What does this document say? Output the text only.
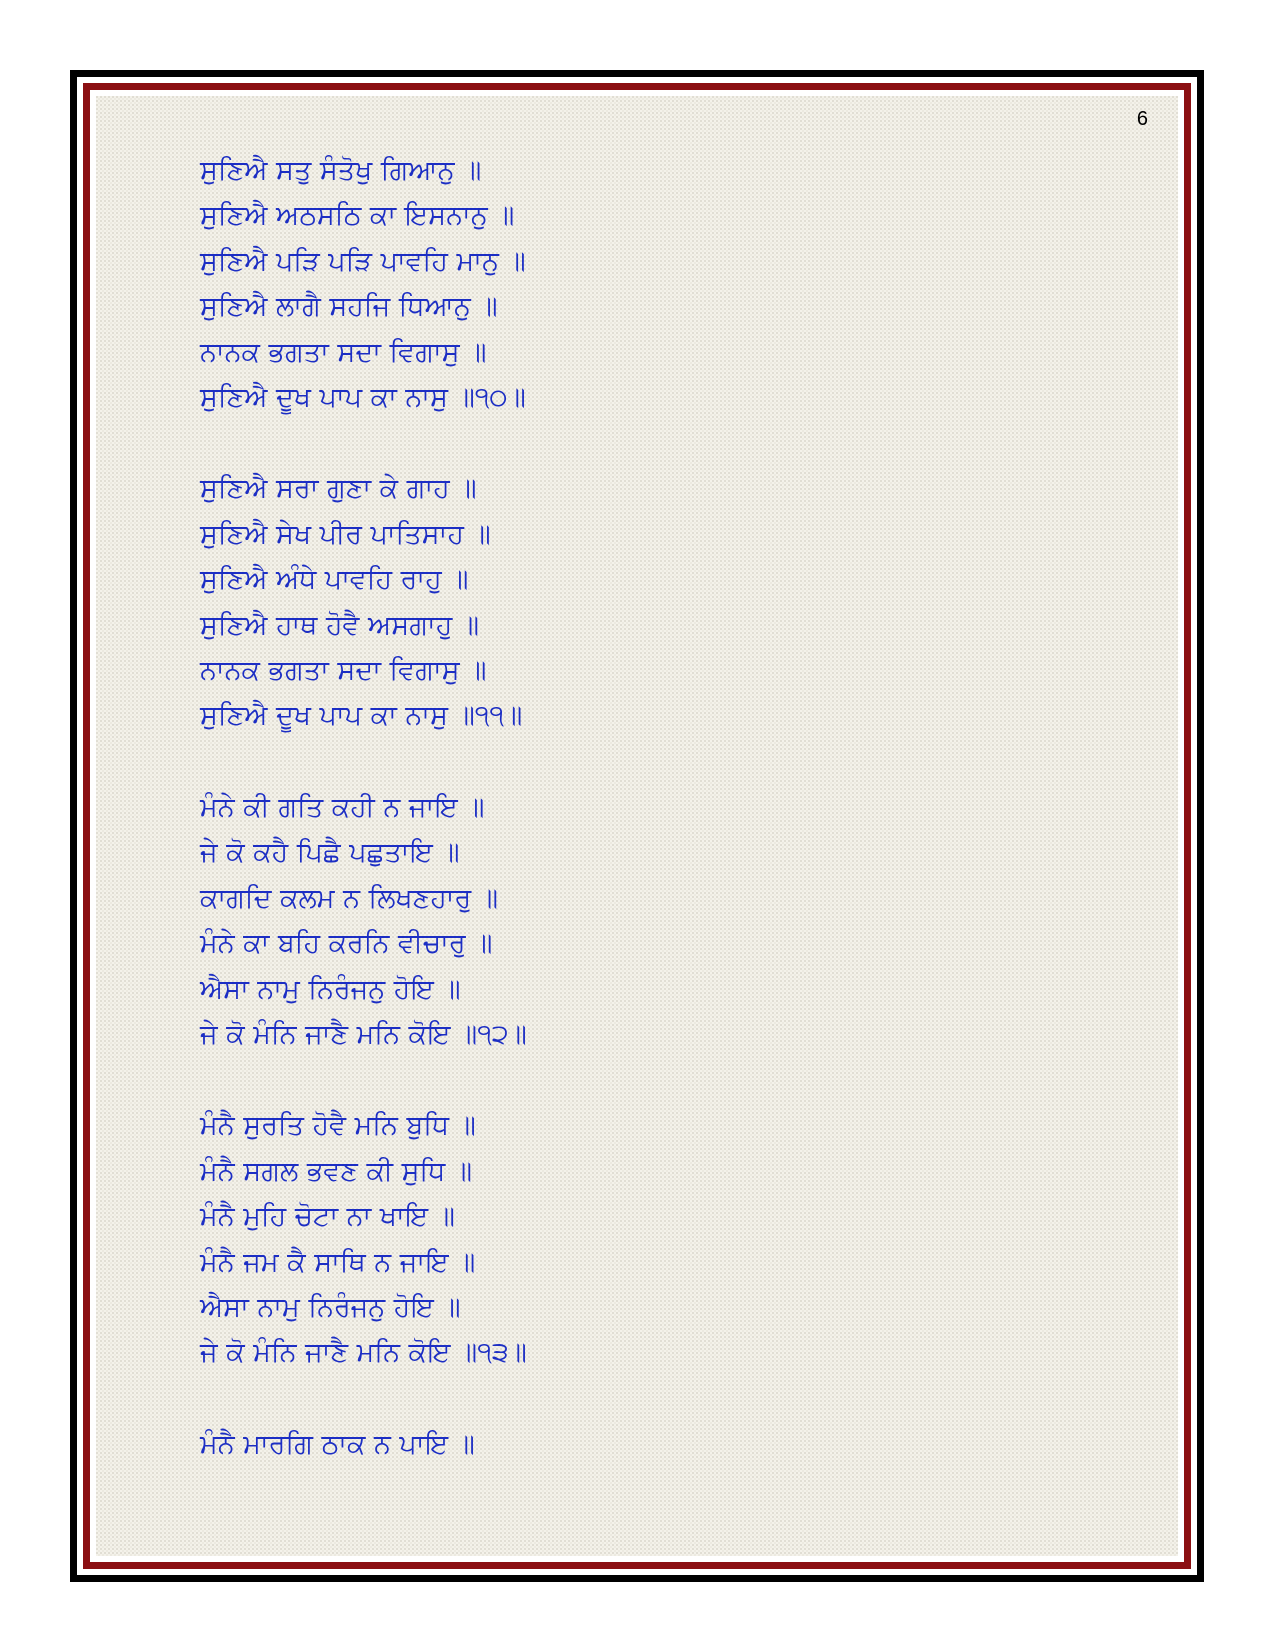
6
ਸੁਣਿਐ ਸਤੁ ਸੰਤੋਖੁ ਗਿਆਨੁ ॥
ਸੁਣਿਐ ਅਠਸਠਿ ਕਾ ਇਸਨਾਨੁ ॥
ਸੁਣਿਐ ਪੜਿ ਪੜਿ ਪਾਵਹਿ ਮਾਨੁ ॥
ਸੁਣਿਐ ਲਾਗੈ ਸਹਜਿ ਧਿਆਨੁ ॥
ਨਾਨਕ ਭਗਤਾ ਸਦਾ ਵਿਗਾਸੁ ॥
ਸੁਣਿਐ ਦੂਖ ਪਾਪ ਕਾ ਨਾਸੁ ॥੧੦॥
ਸੁਣਿਐ ਸਰਾ ਗੁਣਾ ਕੇ ਗਾਹ ॥
ਸੁਣਿਐ ਸੇਖ ਪੀਰ ਪਾਤਿਸਾਹ ॥
ਸੁਣਿਐ ਅੰਧੇ ਪਾਵਹਿ ਰਾਹੁ ॥
ਸੁਣਿਐ ਹਾਥ ਹੋਵੈ ਅਸਗਾਹੁ ॥
ਨਾਨਕ ਭਗਤਾ ਸਦਾ ਵਿਗਾਸੁ ॥
ਸੁਣਿਐ ਦੂਖ ਪਾਪ ਕਾ ਨਾਸੁ ॥੧੧॥
ਮੰਨੇ ਕੀ ਗਤਿ ਕਹੀ ਨ ਜਾਇ ॥
ਜੇ ਕੋ ਕਹੈ ਪਿਛੈ ਪਛੁਤਾਇ ॥
ਕਾਗਦਿ ਕਲਮ ਨ ਲਿਖਣਹਾਰੁ ॥
ਮੰਨੇ ਕਾ ਬਹਿ ਕਰਨਿ ਵੀਚਾਰੁ ॥
ਐਸਾ ਨਾਮੁ ਨਿਰੰਜਨੁ ਹੋਇ ॥
ਜੇ ਕੋ ਮੰਨਿ ਜਾਣੈ ਮਨਿ ਕੋਇ ॥੧੨॥
ਮੰਨੈ ਸੁਰਤਿ ਹੋਵੈ ਮਨਿ ਬੁਧਿ ॥
ਮੰਨੈ ਸਗਲ ਭਵਣ ਕੀ ਸੁਧਿ ॥
ਮੰਨੈ ਮੁਹਿ ਚੋਟਾ ਨਾ ਖਾਇ ॥
ਮੰਨੈ ਜਮ ਕੈ ਸਾਥਿ ਨ ਜਾਇ ॥
ਐਸਾ ਨਾਮੁ ਨਿਰੰਜਨੁ ਹੋਇ ॥
ਜੇ ਕੋ ਮੰਨਿ ਜਾਣੈ ਮਨਿ ਕੋਇ ॥੧੩॥
ਮੰਨੈ ਮਾਰਗਿ ਠਾਕ ਨ ਪਾਇ ॥
